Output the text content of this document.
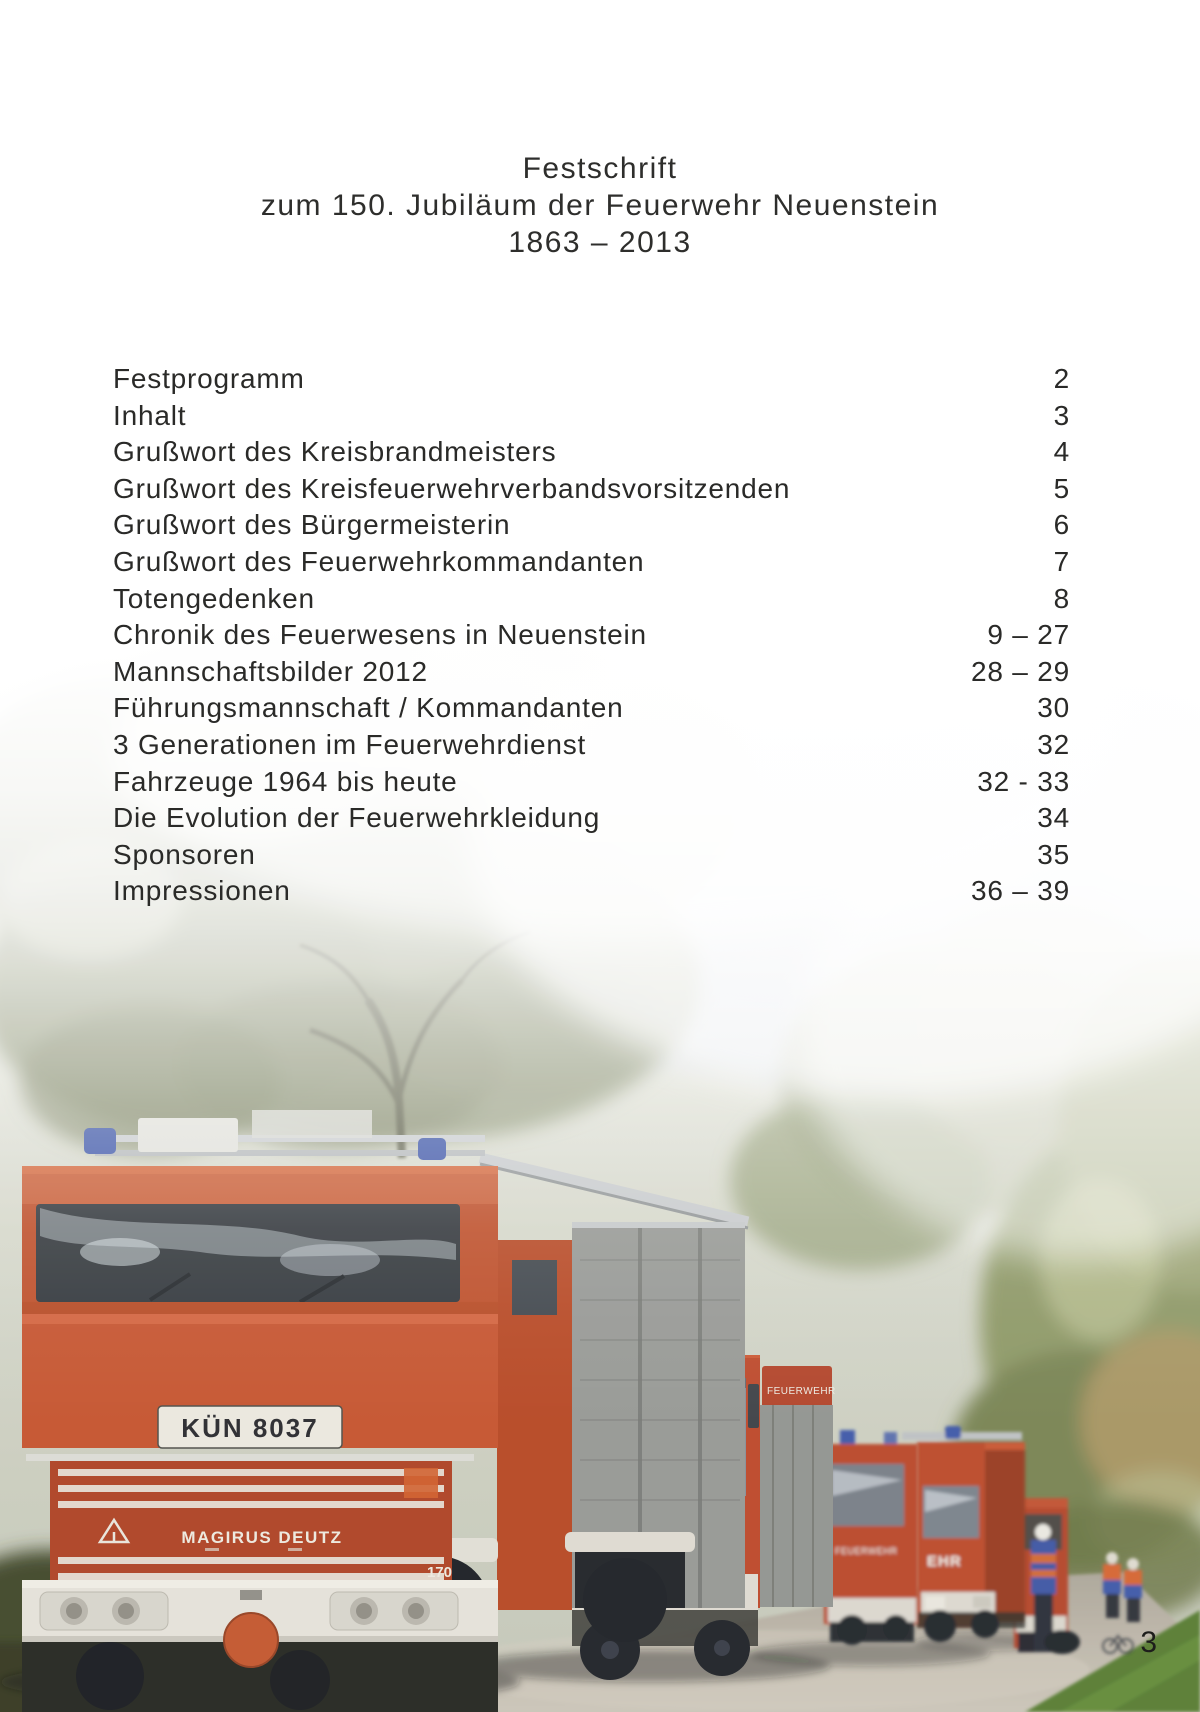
Festschrift
zum 150. Jubiläum der Feuerwehr Neuenstein
1863 – 2013
Festprogramm	2
Inhalt	3
Grußwort des Kreisbrandmeisters	4
Grußwort des Kreisfeuerwehrverbandsvorsitzenden	5
Grußwort des Bürgermeisterin	6
Grußwort des Feuerwehrkommandanten	7
Totengedenken	8
Chronik des Feuerwesens in Neuenstein	9 – 27
Mannschaftsbilder 2012	28 – 29
Führungsmannschaft / Kommandanten	30
3 Generationen im Feuerwehrdienst	32
Fahrzeuge 1964 bis heute	32 - 33
Die Evolution der Feuerwehrkleidung	34
Sponsoren	35
Impressionen	36 – 39
3
